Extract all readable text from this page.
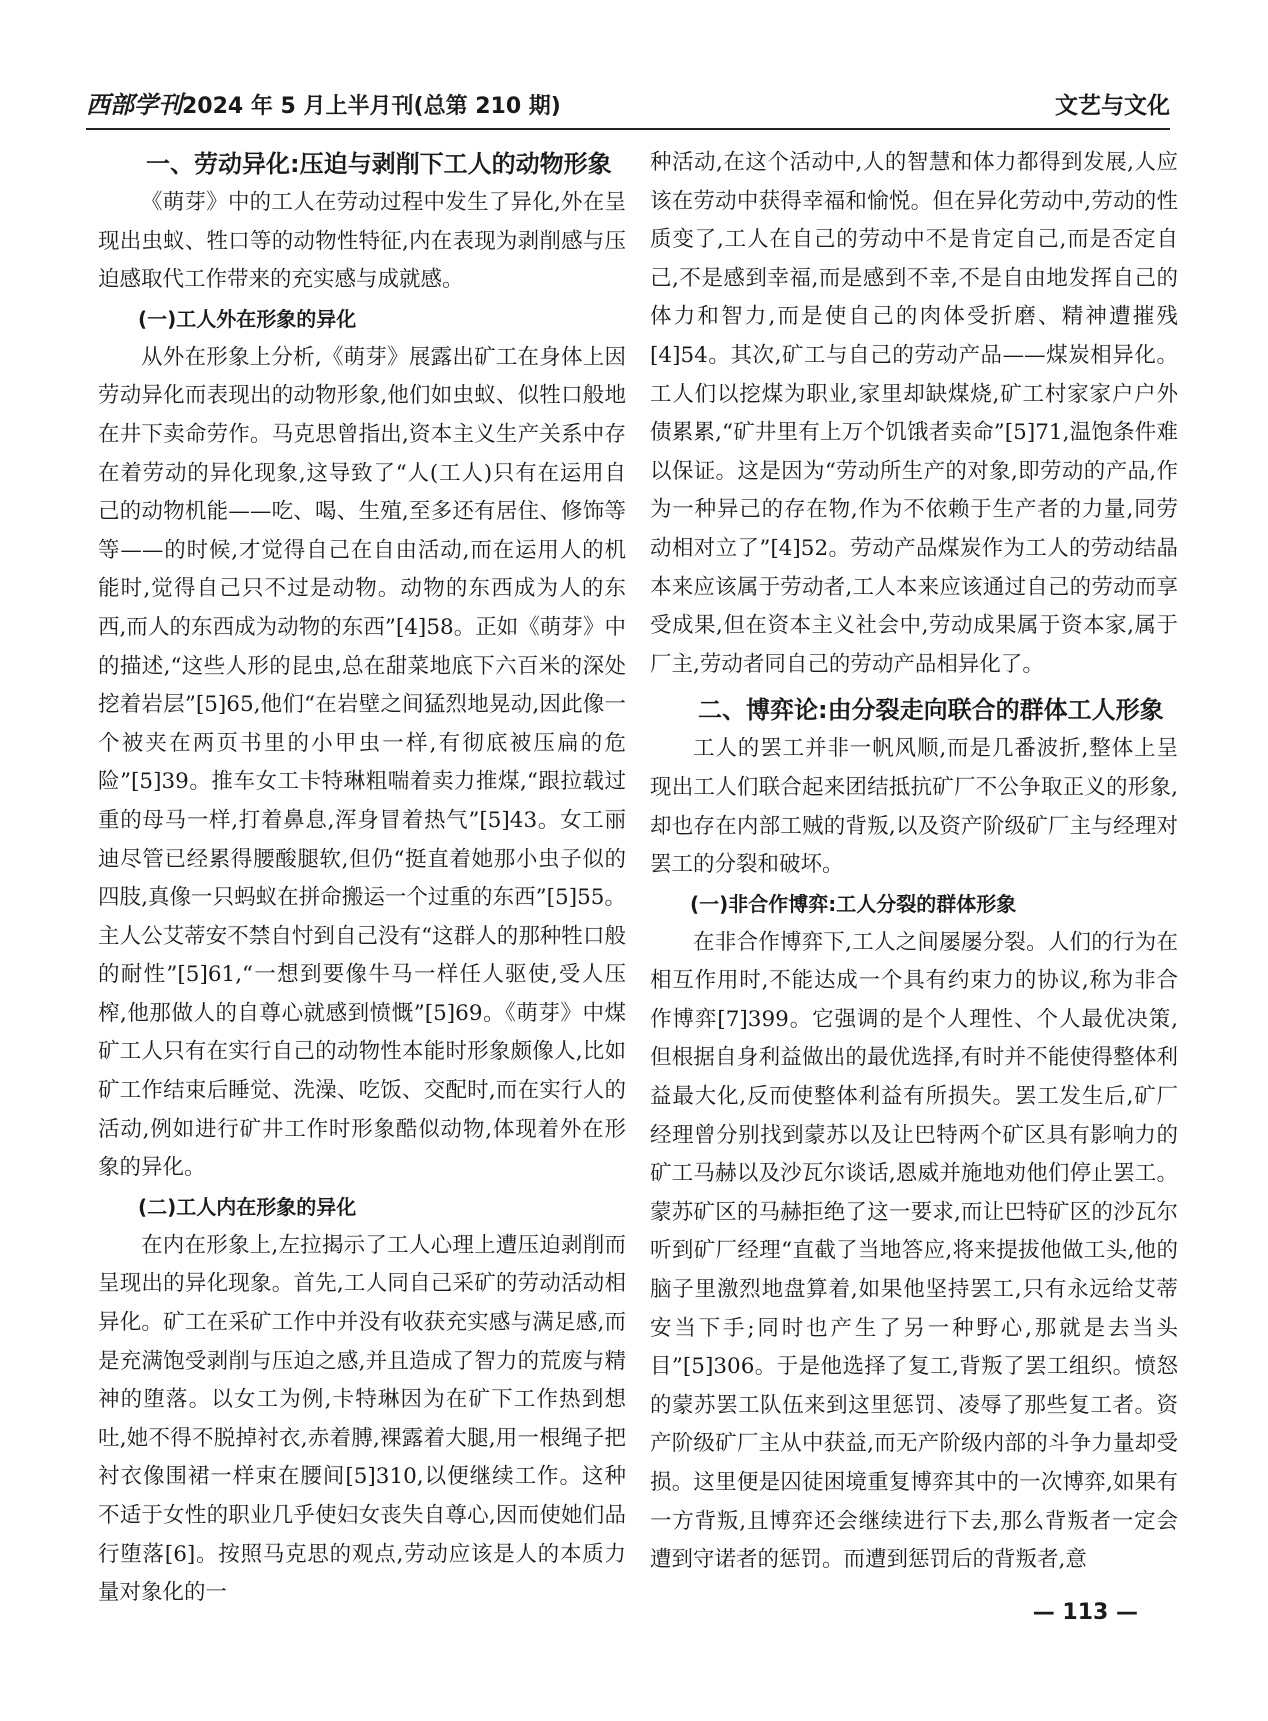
西部学刊2024 年 5 月上半月刊(总第 210 期)	文艺与文化
一、劳动异化:压迫与剥削下工人的动物形象

《萌芽》中的工人在劳动过程中发生了异化,外在呈现出虫蚁、牲口等的动物性特征,内在表现为剥削感与压迫感取代工作带来的充实感与成就感。

(一)工人外在形象的异化

从外在形象上分析,《萌芽》展露出矿工在身体上因劳动异化而表现出的动物形象,他们如虫蚁、似牲口般地在井下卖命劳作。马克思曾指出,资本主义生产关系中存在着劳动的异化现象,这导致了“人(工人)只有在运用自己的动物机能——吃、喝、生殖,至多还有居住、修饰等等——的时候,才觉得自己在自由活动,而在运用人的机能时,觉得自己只不过是动物。动物的东西成为人的东西,而人的东西成为动物的东西”[4]58。正如《萌芽》中的描述,“这些人形的昆虫,总在甜菜地底下六百米的深处挖着岩层”[5]65,他们“在岩壁之间猛烈地晃动,因此像一个被夹在两页书里的小甲虫一样,有彻底被压扁的危险”[5]39。推车女工卡特琳粗喘着卖力推煤,“跟拉载过重的母马一样,打着鼻息,浑身冒着热气”[5]43。女工丽迪尽管已经累得腰酸腿软,但仍“挺直着她那小虫子似的四肢,真像一只蚂蚁在拼命搬运一个过重的东西”[5]55。主人公艾蒂安不禁自忖到自己没有“这群人的那种牲口般的耐性”[5]61,“一想到要像牛马一样任人驱使,受人压榨,他那做人的自尊心就感到愤慨”[5]69。《萌芽》中煤矿工人只有在实行自己的动物性本能时形象颇像人,比如矿工作结束后睡觉、洗澡、吃饭、交配时,而在实行人的活动,例如进行矿井工作时形象酷似动物,体现着外在形象的异化。

(二)工人内在形象的异化

在内在形象上,左拉揭示了工人心理上遭压迫剥削而呈现出的异化现象。首先,工人同自己采矿的劳动活动相异化。矿工在采矿工作中并没有收获充实感与满足感,而是充满饱受剥削与压迫之感,并且造成了智力的荒废与精神的堕落。以女工为例,卡特琳因为在矿下工作热到想吐,她不得不脱掉衬衣,赤着膊,裸露着大腿,用一根绳子把衬衣像围裙一样束在腰间[5]310,以便继续工作。这种不适于女性的职业几乎使妇女丧失自尊心,因而使她们品行堕落[6]。按照马克思的观点,劳动应该是人的本质力量对象化的一

种活动,在这个活动中,人的智慧和体力都得到发展,人应该在劳动中获得幸福和愉悦。但在异化劳动中,劳动的性质变了,工人在自己的劳动中不是肯定自己,而是否定自己,不是感到幸福,而是感到不幸,不是自由地发挥自己的体力和智力,而是使自己的肉体受折磨、精神遭摧残[4]54。其次,矿工与自己的劳动产品——煤炭相异化。工人们以挖煤为职业,家里却缺煤烧,矿工村家家户户外债累累,“矿井里有上万个饥饿者卖命”[5]71,温饱条件难以保证。这是因为“劳动所生产的对象,即劳动的产品,作为一种异己的存在物,作为不依赖于生产者的力量,同劳动相对立了”[4]52。劳动产品煤炭作为工人的劳动结晶本来应该属于劳动者,工人本来应该通过自己的劳动而享受成果,但在资本主义社会中,劳动成果属于资本家,属于厂主,劳动者同自己的劳动产品相异化了。

二、博弈论:由分裂走向联合的群体工人形象

工人的罢工并非一帆风顺,而是几番波折,整体上呈现出工人们联合起来团结抵抗矿厂不公争取正义的形象,却也存在内部工贼的背叛,以及资产阶级矿厂主与经理对罢工的分裂和破坏。

(一)非合作博弈:工人分裂的群体形象

在非合作博弈下,工人之间屡屡分裂。人们的行为在相互作用时,不能达成一个具有约束力的协议,称为非合作博弈[7]399。它强调的是个人理性、个人最优决策,但根据自身利益做出的最优选择,有时并不能使得整体利益最大化,反而使整体利益有所损失。罢工发生后,矿厂经理曾分别找到蒙苏以及让巴特两个矿区具有影响力的矿工马赫以及沙瓦尔谈话,恩威并施地劝他们停止罢工。蒙苏矿区的马赫拒绝了这一要求,而让巴特矿区的沙瓦尔听到矿厂经理“直截了当地答应,将来提拔他做工头,他的脑子里激烈地盘算着,如果他坚持罢工,只有永远给艾蒂安当下手;同时也产生了另一种野心,那就是去当头目”[5]306。于是他选择了复工,背叛了罢工组织。愤怒的蒙苏罢工队伍来到这里惩罚、凌辱了那些复工者。资产阶级矿厂主从中获益,而无产阶级内部的斗争力量却受损。这里便是囚徒困境重复博弈其中的一次博弈,如果有一方背叛,且博弈还会继续进行下去,那么背叛者一定会遭到守诺者的惩罚。而遭到惩罚后的背叛者,意

— 113 —
